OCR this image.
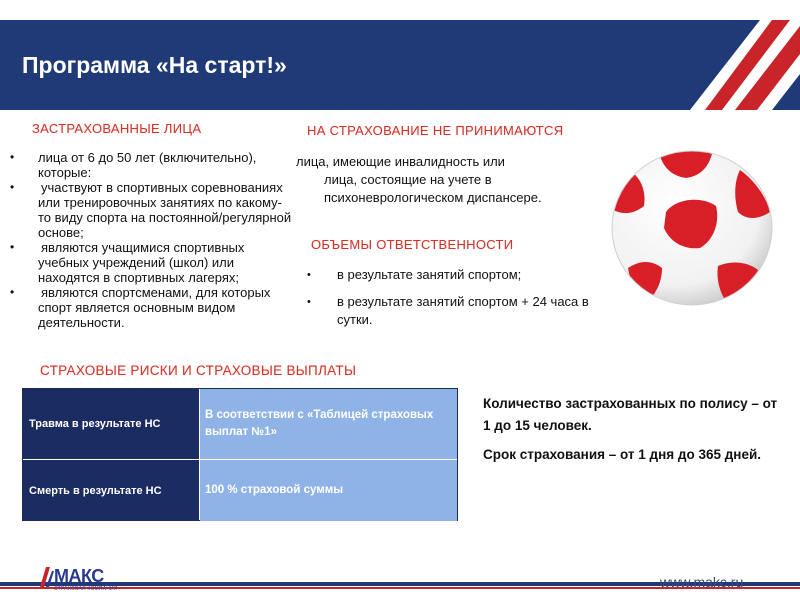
Программа «На старт!»
ЗАСТРАХОВАННЫЕ ЛИЦА
• лица от 6 до 50 лет (включительно), которые:
• участвуют в спортивных соревнованиях или тренировочных занятиях по какому-то виду спорта на постоянной/регулярной основе;
• являются учащимися спортивных учебных учреждений (школ) или находятся в спортивных лагерях;
• являются спортсменами, для которых спорт является основным видом деятельности.
НА СТРАХОВАНИЕ НЕ ПРИНИМАЮТСЯ
лица, имеющие инвалидность или
лица, состоящие на учете в психоневрологическом диспансере.
ОБЪЕМЫ ОТВЕТСТВЕННОСТИ
• в результате занятий спортом;
• в результате занятий спортом + 24 часа в сутки.
СТРАХОВЫЕ РИСКИ И СТРАХОВЫЕ ВЫПЛАТЫ
Травма в результате НС
В соответствии с «Таблицей страховых выплат №1»
Смерть в результате НС	100 % страховой суммы

Количество застрахованных по полису – от 1 до 15 человек.

Срок страхования – от 1 дня до 365 дней.

МАКС
СТРАХОВАЯ КОМПАНИЯ	www.makc.ru
